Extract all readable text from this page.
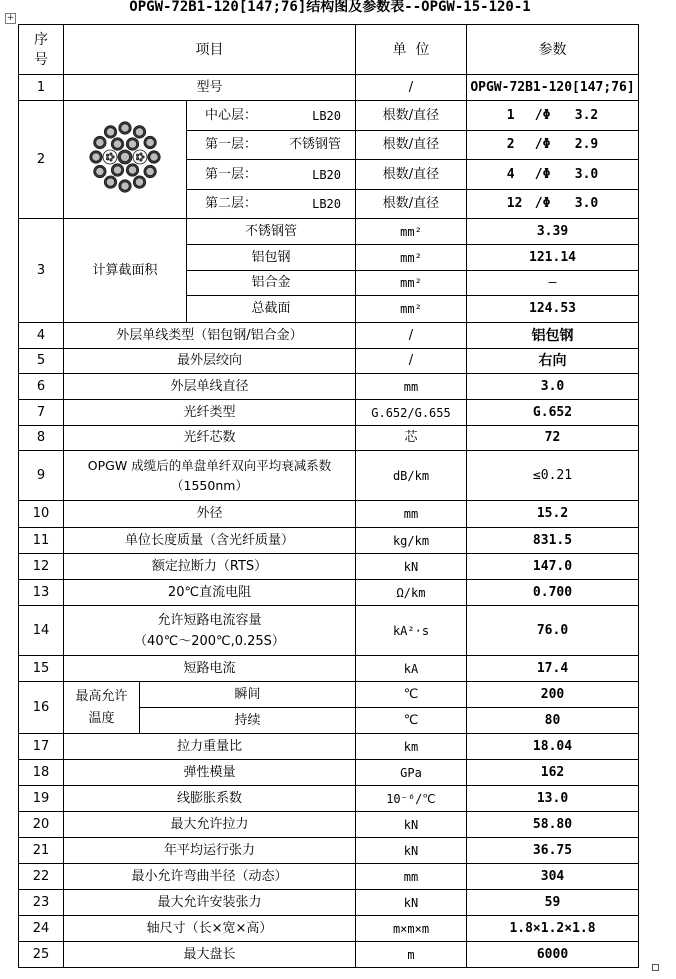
OPGW-72B1-120[147;76]结构图及参数表--OPGW-15-120-1
+
序
号	项目			单  位	参数
1	型号			/	OPGW-72B1-120[147;76]
2			中心层： LB20	根数/直径	1 /Φ 3.2

			第一层： 不锈钢管	根数/直径	2 /Φ 2.9

			第一层： LB20	根数/直径	4 /Φ 3.0

			第二层： LB20	根数/直径	12 /Φ 3.0
3	计算截面积		不锈钢管	mm²	3.39
			铝包钢	mm²	121.14
			铝合金	mm²	—
			总截面	mm²	124.53
4	外层单线类型（铝包钢/铝合金）			/	铝包钢
5	最外层绞向			/	右向
6	外层单线直径			mm	3.0
7	光纤类型			G.652/G.655	G.652
8	光纤芯数			芯	72
9	OPGW 成缆后的单盘单纤双向平均衰减系数
（1550nm）			dB/km	≤0.21
10	外径			mm	15.2
11	单位长度质量（含光纤质量）			kg/km	831.5
12	额定拉断力（RTS）			kN	147.0
13	20℃直流电阻			Ω/km	0.700
14	允许短路电流容量
（40℃～200℃,0.25S）			kA²·s	76.0
15	短路电流			kA	17.4
16	最高允许温度	瞬间		℃	200
		持续		℃	80
17	拉力重量比			km	18.04
18	弹性模量			GPa	162
19	线膨胀系数			10⁻⁶/℃	13.0
20	最大允许拉力			kN	58.80
21	年平均运行张力			kN	36.75
22	最小允许弯曲半径（动态）			mm	304
23	最大允许安装张力			kN	59
24	轴尺寸（长×宽×高）			m×m×m	1.8×1.2×1.8
25	最大盘长			m	6000
